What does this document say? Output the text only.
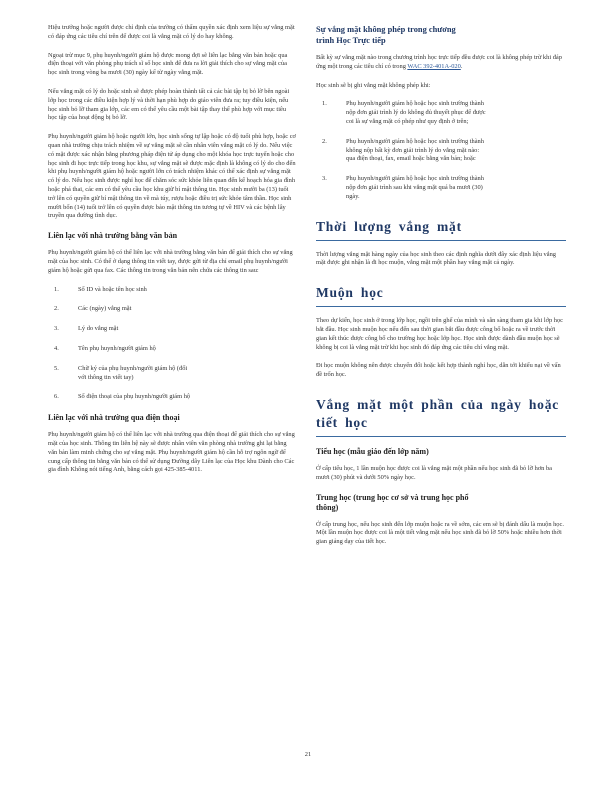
Hiệu trưởng hoặc người được chỉ định của trường có thẩm quyền xác định xem liệu sự vắng mặt có đáp ứng các tiêu chí trên để được coi là vắng mặt có lý do hay không.

Ngoại trừ mục 9, phụ huynh/người giám hộ được mong đợi sẽ liên lạc bằng văn bản hoặc qua điện thoại với văn phòng phụ trách sĩ số học sinh để đưa ra lời giải thích cho sự vắng mặt của học sinh trong vòng ba mươi (30) ngày kể từ ngày vắng mặt.

Nếu vắng mặt có lý do hoặc sinh sẽ được phép hoàn thành tất cả các bài tập bị bỏ lỡ bên ngoài lớp học trong các điều kiện hợp lý và thời hạn phù hợp do giáo viên đưa ra; tuy điều kiện, nếu học sinh bỏ lỡ tham gia lớp, các em có thể yêu cầu một bài tập thay thế phù hợp với mục tiêu học tập của hoạt động bị bỏ lỡ.

Phụ huynh/người giám hộ hoặc người lớn, học sinh sống tự lập hoặc có độ tuổi phù hợp, hoặc cơ quan nhà trường chịu trách nhiệm về sự vắng mặt sẽ cần nhân viên vắng mặt có lý do. Nếu việc có mặt được xác nhận bằng phương pháp điện tử áp dụng cho một khóa học trực tuyến hoặc cho học sinh đi học trực tiếp trong học khu, sự vắng mặt sẽ được mặc định là không có lý do cho đến khi phụ huynh/người giám hộ hoặc người lớn có trách nhiệm khác có thể xác định sự vắng mặt có lý do. Nếu học sinh được nghỉ học để chăm sóc sức khỏe liên quan đến kế hoạch hóa gia đình hoặc phá thai, các em có thể yêu cầu học khu giữ bí mật thông tin. Học sinh mười ba (13) tuổi trở lên có quyền giữ bí mật thông tin về mà túy, rượu hoặc điều trị sức khỏe tâm thần. Học sinh mười bốn (14) tuổi trở lên có quyền được bảo mật thông tin tương tự về HIV và các bệnh lây truyền qua đường tình dục.

Liên lạc với nhà trường bằng văn bản

Phụ huynh/người giám hộ có thể liên lạc với nhà trường bằng văn bản để giải thích cho sự vắng mặt của học sinh. Có thể ở dạng thông tin viết tay, được gửi từ địa chỉ email phụ huynh/người giám hộ hoặc gửi qua fax. Các thông tin trong văn bản nên chứa các thông tin sau:

1.	Số ID và hoặc tên học sinh
2.	Các (ngày) vắng mặt
3.	Lý do vắng mặt
4.	Tên phụ huynh/người giám hộ
5.	Chữ ký của phụ huynh/người giám hộ (đối với thông tin viết tay)
6.	Số điện thoại của phụ huynh/người giám hộ
Liên lạc với nhà trường qua điện thoại

Phụ huynh/người giám hộ có thể liên lạc với nhà trường qua điện thoại để giải thích cho sự vắng mặt của học sinh. Thông tin liên hệ này sẽ được nhân viên văn phòng nhà trường ghi lại bằng văn bản làm minh chứng cho sự vắng mặt. Phụ huynh/người giám hộ cần hỗ trợ ngôn ngữ để cung cấp thông tin bằng văn bản có thể sử dụng Đường dây Liên lạc của Học khu Dành cho Các gia đình Không nói tiếng Anh, bằng cách gọi 425-385-4011.

Sự vắng mặt không phép trong chương trình Học Trực tiếp

Bất kỳ sự vắng mặt nào trong chương trình học trực tiếp đều được coi là không phép trừ khi đáp ứng một trong các tiêu chí có trong WAC 392-401A-020.

Học sinh sẽ bị ghi vắng mặt không phép khi:

1.	Phụ huynh/người giám hộ hoặc học sinh trường thành nộp đơn giải trình lý do không đủ thuyết phục để được coi là sự vắng mặt có phép như quy định ở trên;
2.	Phụ huynh/người giám hộ hoặc học sinh trường thành không nộp bất kỳ đơn giải trình lý do vắng mặt nào: qua điện thoại, fax, email hoặc bằng văn bản; hoặc
3.	Phụ huynh/người giám hộ hoặc học sinh trường thành nộp đơn giải trình sau khi vắng mặt quá ba mươi (30) ngày.
Thời lượng vắng mặt

Thời lượng vắng mặt hàng ngày của học sinh theo các định nghĩa dưới đây xác định liệu vắng mặt được ghi nhận là đi học muộn, vắng mặt một phần hay vắng mặt cả ngày.

Muộn học

Theo dự kiến, học sinh ở trong lớp học, ngồi trên ghế của mình và sẵn sàng tham gia khi lớp học bắt đầu. Học sinh muộn học nếu đến sau thời gian bắt đầu được công bố hoặc ra về trước thời gian kết thúc được công bố cho trường học hoặc lớp học. Học sinh được dành đầu muộn học sẽ không bị coi là vắng mặt trừ khi học sinh đó đáp ứng các tiêu chí vắng mặt.

Đi học muộn không nên được chuyển đổi hoặc kết hợp thành nghỉ học, dẫn tới khiếu nại về vấn đề trốn học.

Vắng mặt một phần của ngày hoặc tiết học
Tiểu học (mẫu giáo đến lớp năm)

Ở cấp tiểu học, 1 lần muộn học được coi là vắng mặt một phần nếu học sinh đã bỏ lỡ hơn ba mươi (30) phút và dưới 50% ngày học.

Trung học (trung học cơ sở và trung học phổ thông)

Ở cấp trung học, nếu học sinh đến lớp muộn hoặc ra về sớm, các em sẽ bị đánh dấu là muộn học. Một lần muộn học được coi là một tiết vắng mặt nếu học sinh đã bỏ lỡ 50% hoặc nhiều hơn thời gian giảng dạy của tiết học.

21
